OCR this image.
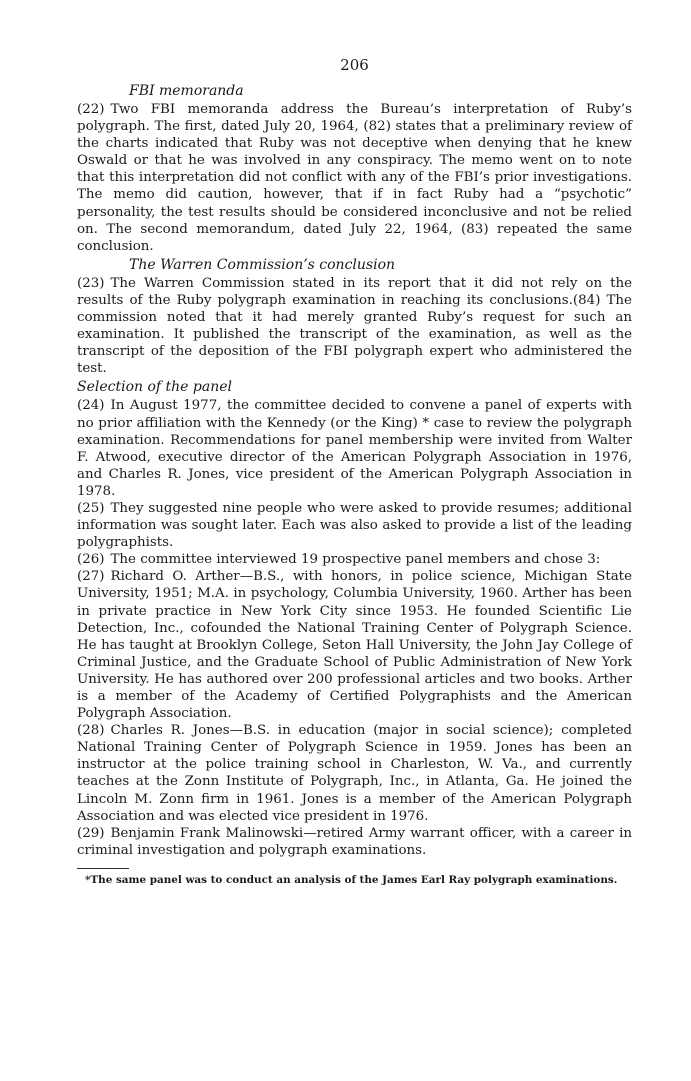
206
FBI memoranda

(22) Two FBI memoranda address the Bureau’s interpretation of Ruby’s polygraph. The first, dated July 20, 1964, (82) states that a preliminary review of the charts indicated that Ruby was not deceptive when denying that he knew Oswald or that he was involved in any conspiracy. The memo went on to note that this interpretation did not conflict with any of the FBI’s prior investigations. The memo did caution, however, that if in fact Ruby had a “psychotic” personality, the test results should be considered inconclusive and not be relied on. The second memorandum, dated July 22, 1964, (83) repeated the same conclusion.

The Warren Commission’s conclusion

(23) The Warren Commission stated in its report that it did not rely on the results of the Ruby polygraph examination in reaching its conclusions.(84) The commission noted that it had merely granted Ruby’s request for such an examination. It published the transcript of the examination, as well as the transcript of the deposition of the FBI polygraph expert who administered the test.

Selection of the panel

(24) In August 1977, the committee decided to convene a panel of experts with no prior affiliation with the Kennedy (or the King) * case to review the polygraph examination. Recommendations for panel membership were invited from Walter F. Atwood, executive director of the American Polygraph Association in 1976, and Charles R. Jones, vice president of the American Polygraph Association in 1978.

(25) They suggested nine people who were asked to provide resumes; additional information was sought later. Each was also asked to provide a list of the leading polygraphists.

(26) The committee interviewed 19 prospective panel members and chose 3:

(27) Richard O. Arther—B.S., with honors, in police science, Michigan State University, 1951; M.A. in psychology, Columbia University, 1960. Arther has been in private practice in New York City since 1953. He founded Scientific Lie Detection, Inc., cofounded the National Training Center of Polygraph Science. He has taught at Brooklyn College, Seton Hall University, the John Jay College of Criminal Justice, and the Graduate School of Public Administration of New York University. He has authored over 200 professional articles and two books. Arther is a member of the Academy of Certified Polygraphists and the American Polygraph Association.

(28) Charles R. Jones—B.S. in education (major in social science); completed National Training Center of Polygraph Science in 1959. Jones has been an instructor at the police training school in Charleston, W. Va., and currently teaches at the Zonn Institute of Polygraph, Inc., in Atlanta, Ga. He joined the Lincoln M. Zonn firm in 1961. Jones is a member of the American Polygraph Association and was elected vice president in 1976.

(29) Benjamin Frank Malinowski—retired Army warrant officer, with a career in criminal investigation and polygraph examinations.

*The same panel was to conduct an analysis of the James Earl Ray polygraph examinations.
